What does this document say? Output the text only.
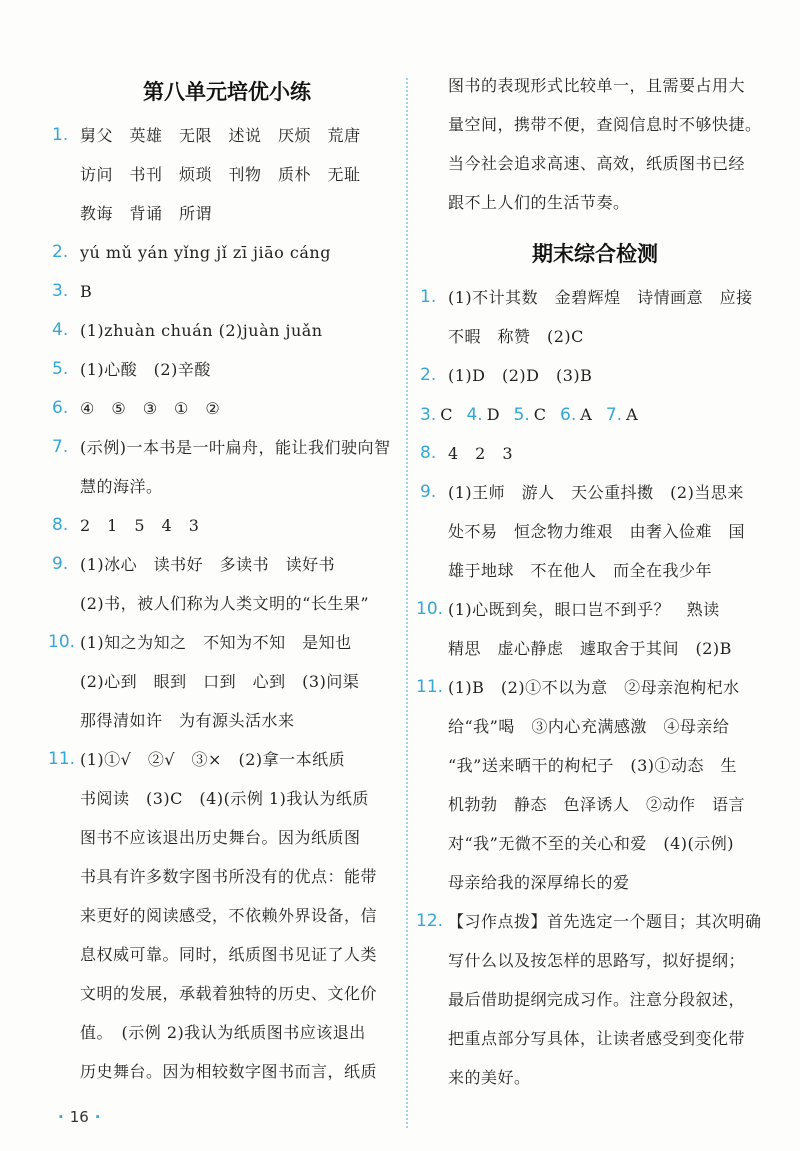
第八单元培优小练
1. 舅父　英雄　无限　述说　厌烦　荒唐
访问　书刊　烦琐　刊物　质朴　无耻
教诲　背诵　所谓
2. yú mǔ yán yǐng jǐ zī jiāo cáng
3. B
4. (1)zhuàn chuán (2)juàn juǎn
5. (1)心酸　(2)辛酸
6. ④　⑤　③　①　②
7. (示例)一本书是一叶扁舟，能让我们驶向智
慧的海洋。
8. 2　1　5　4　3
9. (1)冰心　读书好　多读书　读好书
(2)书，被人们称为人类文明的“长生果”
10. (1)知之为知之　不知为不知　是知也
(2)心到　眼到　口到　心到　(3)问渠
那得清如许　为有源头活水来
11. (1)①√　②√　③×　(2)拿一本纸质
书阅读　(3)C　(4)(示例 1)我认为纸质
图书不应该退出历史舞台。因为纸质图
书具有许多数字图书所没有的优点：能带
来更好的阅读感受，不依赖外界设备，信
息权威可靠。同时，纸质图书见证了人类
文明的发展，承载着独特的历史、文化价
值。　(示例 2)我认为纸质图书应该退出
历史舞台。因为相较数字图书而言，纸质
图书的表现形式比较单一，且需要占用大
量空间，携带不便，查阅信息时不够快捷。
当今社会追求高速、高效，纸质图书已经
跟不上人们的生活节奏。
期末综合检测
1. (1)不计其数　金碧辉煌　诗情画意　应接
不暇　称赞　(2)C
2. (1)D　(2)D　(3)B
3. C 4. D 5. C 6. A 7. A
8. 4　2　3
9. (1)王师　游人　天公重抖擞　(2)当思来
处不易　恒念物力维艰　由奢入俭难　国
雄于地球　不在他人　而全在我少年
10. (1)心既到矣，眼口岂不到乎？　熟读
精思　虚心静虑　遽取舍于其间　(2)B
11. (1)B　(2)①不以为意　②母亲泡枸杞水
给“我”喝　③内心充满感激　④母亲给
“我”送来晒干的枸杞子　(3)①动态　生
机勃勃　静态　色泽诱人　②动作　语言
对“我”无微不至的关心和爱　(4)(示例)
母亲给我的深厚绵长的爱
12. 【习作点拨】首先选定一个题目；其次明确
写什么以及按怎样的思路写，拟好提纲；
最后借助提纲完成习作。注意分段叙述，
把重点部分写具体，让读者感受到变化带
来的美好。
· 16 ·
